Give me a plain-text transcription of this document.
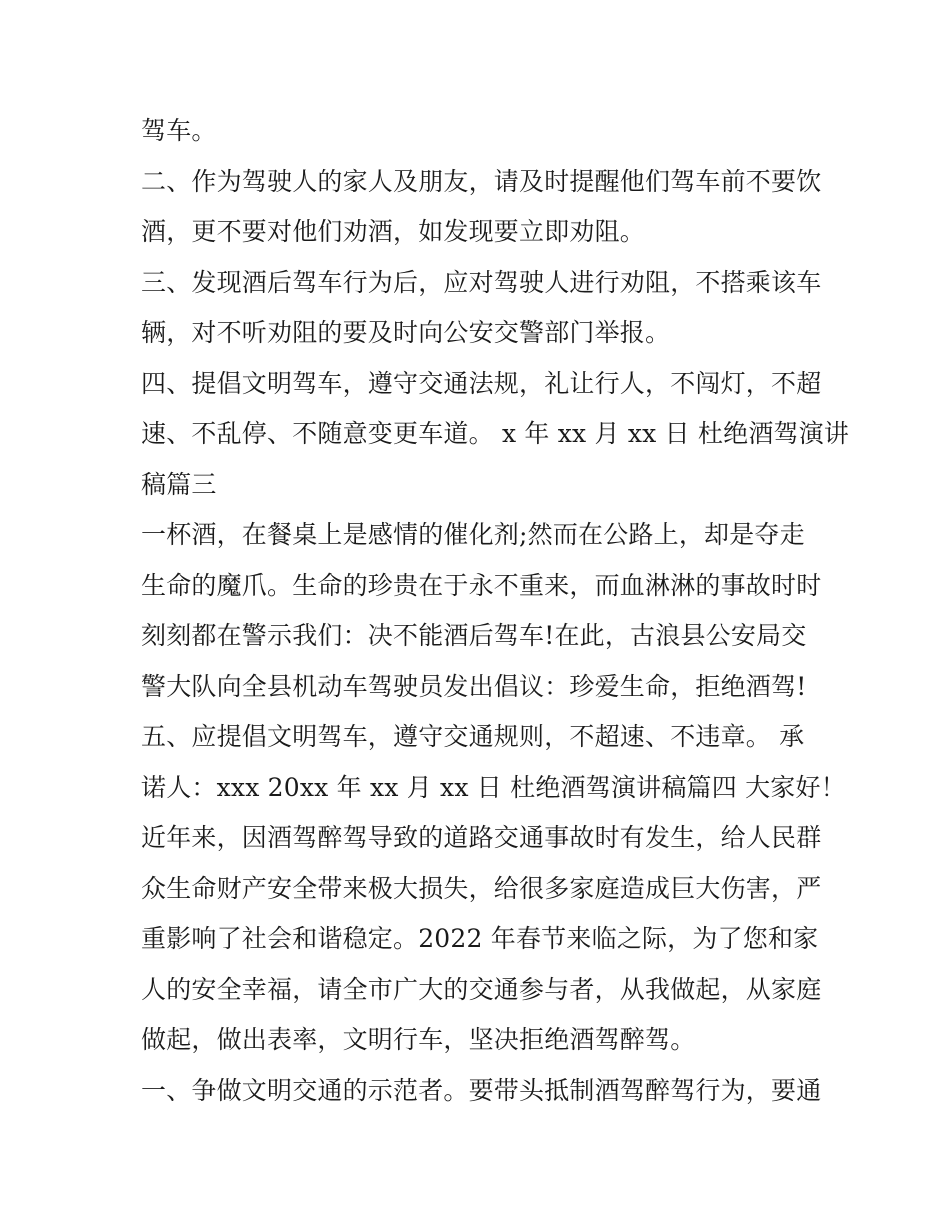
驾车。
二、作为驾驶人的家人及朋友，请及时提醒他们驾车前不要饮
酒，更不要对他们劝酒，如发现要立即劝阻。
三、发现酒后驾车行为后，应对驾驶人进行劝阻，不搭乘该车
辆，对不听劝阻的要及时向公安交警部门举报。
四、提倡文明驾车，遵守交通法规，礼让行人，不闯灯，不超
速、不乱停、不随意变更车道。 x 年 xx 月 xx 日 杜绝酒驾演讲
稿篇三
一杯酒，在餐桌上是感情的催化剂;然而在公路上，却是夺走
生命的魔爪。生命的珍贵在于永不重来，而血淋淋的事故时时
刻刻都在警示我们：决不能酒后驾车!在此，古浪县公安局交
警大队向全县机动车驾驶员发出倡议：珍爱生命，拒绝酒驾!
五、应提倡文明驾车，遵守交通规则，不超速、不违章。 承
诺人：xxx 20xx 年 xx 月 xx 日 杜绝酒驾演讲稿篇四 大家好！
近年来，因酒驾醉驾导致的道路交通事故时有发生，给人民群
众生命财产安全带来极大损失，给很多家庭造成巨大伤害，严
重影响了社会和谐稳定。2022 年春节来临之际，为了您和家
人的安全幸福，请全市广大的交通参与者，从我做起，从家庭
做起，做出表率，文明行车，坚决拒绝酒驾醉驾。
一、争做文明交通的示范者。要带头抵制酒驾醉驾行为，要通
